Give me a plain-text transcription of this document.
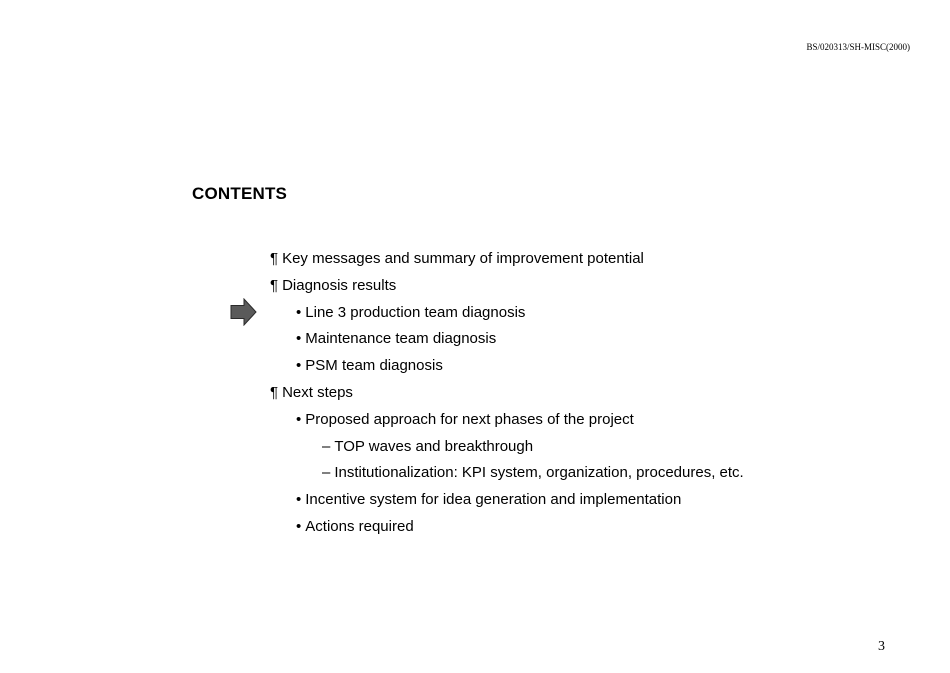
BS/020313/SH-MISC(2000)
CONTENTS
¶ Key messages and summary of improvement potential
¶ Diagnosis results
• Line 3 production team diagnosis
• Maintenance team diagnosis
• PSM team diagnosis
¶ Next steps
• Proposed approach for next phases of the project
– TOP waves and breakthrough
– Institutionalization: KPI system, organization, procedures, etc.
• Incentive system for idea generation and implementation
• Actions required
3
